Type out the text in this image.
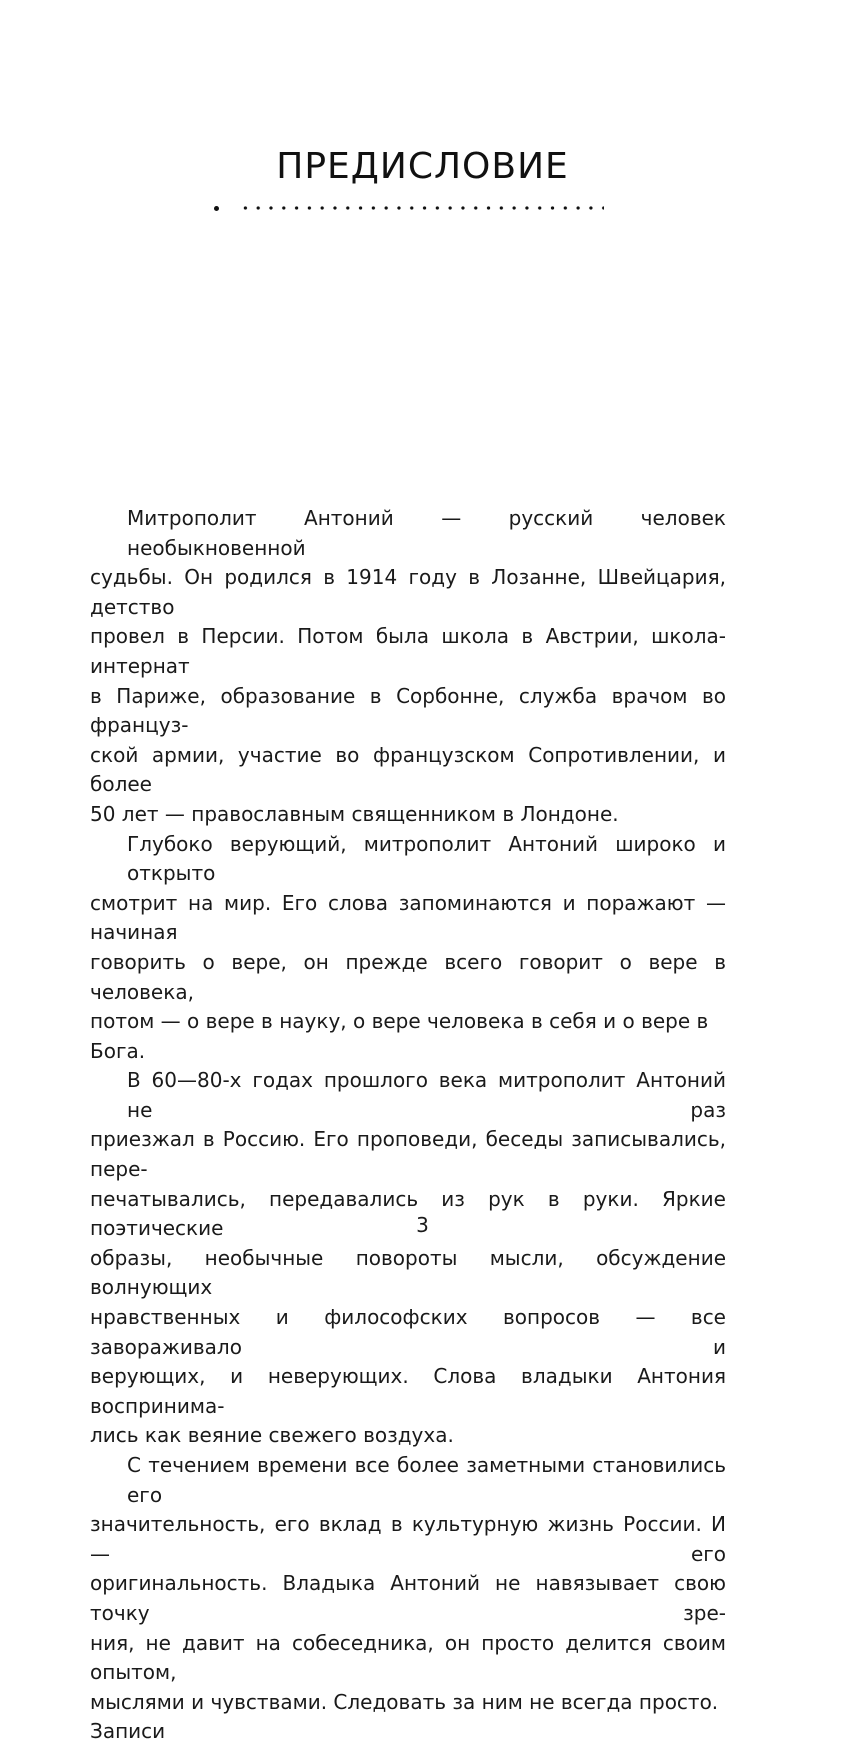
ПРЕДИСЛОВИЕ

Митрополит Антоний — русский человек необыкновенной
судьбы. Он родился в 1914 году в Лозанне, Швейцария, детство
провел в Персии. Потом была школа в Австрии, школа-интернат
в Париже, образование в Сорбонне, служба врачом во француз-
ской армии, участие во французском Сопротивлении, и более
50 лет — православным священником в Лондоне.

Глубоко верующий, митрополит Антоний широко и открыто
смотрит на мир. Его слова запоминаются и поражают — начиная
говорить о вере, он прежде всего говорит о вере в человека,
потом — о вере в науку, о вере человека в себя и о вере в Бога.

В 60—80-х годах прошлого века митрополит Антоний не раз
приезжал в Россию. Его проповеди, беседы записывались, пере-
печатывались, передавались из рук в руки. Яркие поэтические
образы, необычные повороты мысли, обсуждение волнующих
нравственных и философских вопросов — все завораживало и
верующих, и неверующих. Слова владыки Антония воспринима-
лись как веяние свежего воздуха.

С течением времени все более заметными становились его
значительность, его вклад в культурную жизнь России. И — его
оригинальность. Владыка Антоний не навязывает свою точку зре-
ния, не давит на собеседника, он просто делится своим опытом,
мыслями и чувствами. Следовать за ним не всегда просто. Записи

3
